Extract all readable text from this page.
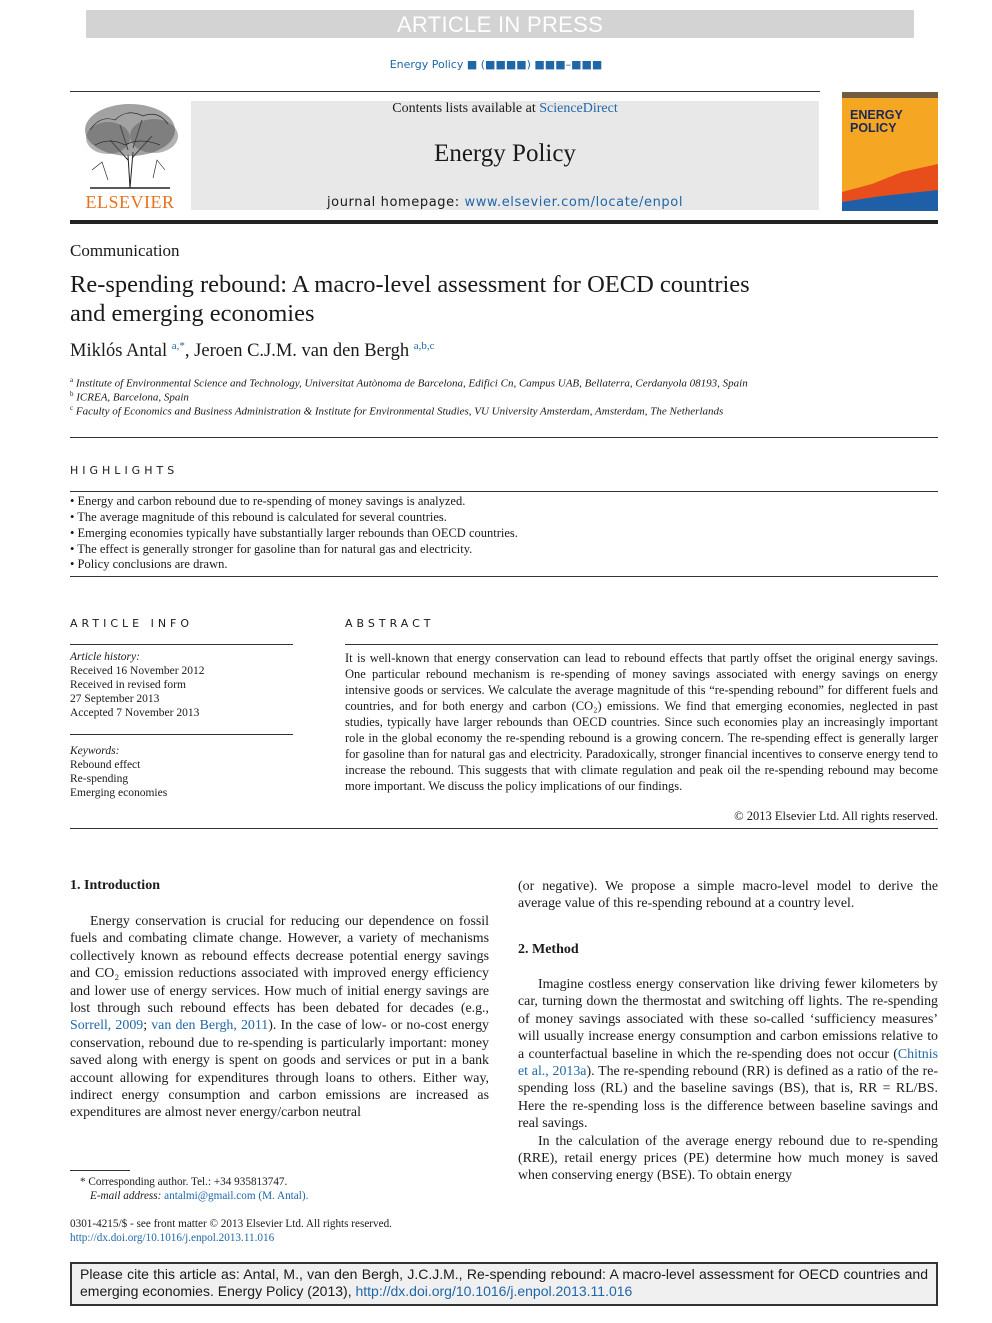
ARTICLE IN PRESS
Energy Policy ■ (■■■■) ■■■–■■■
ELSEVIER
Contents lists available at ScienceDirect
Energy Policy
journal homepage: www.elsevier.com/locate/enpol
ENERGY
POLICY
Communication
Re-spending rebound: A macro-level assessment for OECD countries
and emerging economies
Miklós Antal $^{a,*}$, Jeroen C.J.M. van den Bergh $^{a,b,c}$
$^a$ Institute of Environmental Science and Technology, Universitat Autònoma de Barcelona, Edifici Cn, Campus UAB, Bellaterra, Cerdanyola 08193, Spain
$^b$ ICREA, Barcelona, Spain
$^c$ Faculty of Economics and Business Administration & Institute for Environmental Studies, VU University Amsterdam, Amsterdam, The Netherlands
HIGHLIGHTS
• Energy and carbon rebound due to re-spending of money savings is analyzed.
• The average magnitude of this rebound is calculated for several countries.
• Emerging economies typically have substantially larger rebounds than OECD countries.
• The effect is generally stronger for gasoline than for natural gas and electricity.
• Policy conclusions are drawn.
ARTICLE INFO
Article history:
Received 16 November 2012
Received in revised form
27 September 2013
Accepted 7 November 2013
Keywords:
Rebound effect
Re-spending
Emerging economies
ABSTRACT
It is well-known that energy conservation can lead to rebound effects that partly offset the original energy savings. One particular rebound mechanism is re-spending of money savings associated with energy savings on energy intensive goods or services. We calculate the average magnitude of this “re-spending rebound” for different fuels and countries, and for both energy and carbon (CO₂) emissions. We find that emerging economies, neglected in past studies, typically have larger rebounds than OECD countries. Since such economies play an increasingly important role in the global economy the re-spending rebound is a growing concern. The re-spending effect is generally larger for gasoline than for natural gas and electricity. Paradoxically, stronger financial incentives to conserve energy tend to increase the rebound. This suggests that with climate regulation and peak oil the re-spending rebound may become more important. We discuss the policy implications of our findings.
© 2013 Elsevier Ltd. All rights reserved.
1. Introduction

Energy conservation is crucial for reducing our dependence on fossil fuels and combating climate change. However, a variety of mechanisms collectively known as rebound effects decrease potential energy savings and CO₂ emission reductions associated with improved energy efficiency and lower use of energy services. How much of initial energy savings are lost through such rebound effects has been debated for decades (e.g., Sorrell, 2009; van den Bergh, 2011). In the case of low- or no-cost energy conservation, rebound due to re-spending is particularly important: money saved along with energy is spent on goods and services or put in a bank account allowing for expenditures through loans to others. Either way, indirect energy consumption and carbon emissions are increased as expenditures are almost never energy/carbon neutral

* Corresponding author. Tel.: +34 935813747.
E-mail address: antalmi@gmail.com (M. Antal).
0301-4215/$ - see front matter © 2013 Elsevier Ltd. All rights reserved.
http://dx.doi.org/10.1016/j.enpol.2013.11.016
(or negative). We propose a simple macro-level model to derive the average value of this re-spending rebound at a country level.
2. Method

Imagine costless energy conservation like driving fewer kilometers by car, turning down the thermostat and switching off lights. The re-spending of money savings associated with these so-called ‘sufficiency measures’ will usually increase energy consumption and carbon emissions relative to a counterfactual baseline in which the re-spending does not occur (Chitnis et al., 2013a). The re-spending rebound (RR) is defined as a ratio of the re-spending loss (RL) and the baseline savings (BS), that is, RR = RL/BS. Here the re-spending loss is the difference between baseline savings and real savings.

In the calculation of the average energy rebound due to re-spending (RRE), retail energy prices (PE) determine how much money is saved when conserving energy (BSE). To obtain energy

Please cite this article as: Antal, M., van den Bergh, J.C.J.M., Re-spending rebound: A macro-level assessment for OECD countries and emerging economies. Energy Policy (2013), http://dx.doi.org/10.1016/j.enpol.2013.11.016
